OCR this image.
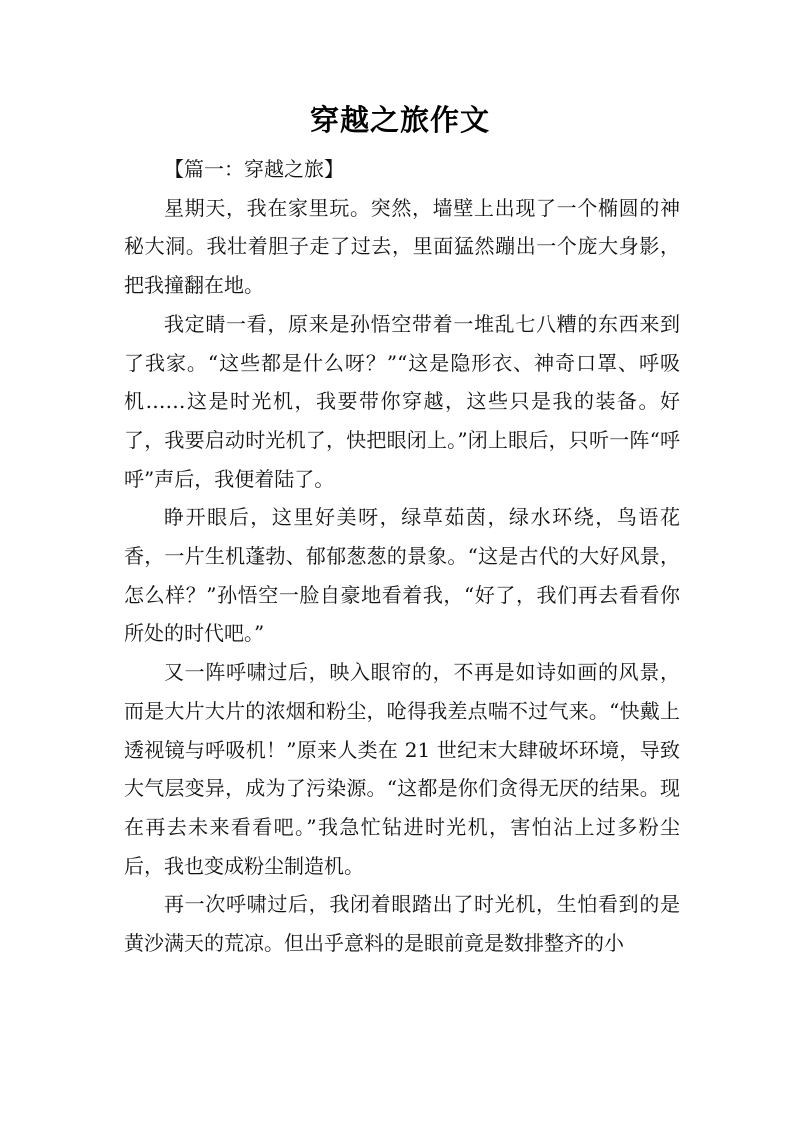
穿越之旅作文

【篇一：穿越之旅】

星期天，我在家里玩。突然，墙壁上出现了一个椭圆的神秘大洞。我壮着胆子走了过去，里面猛然蹦出一个庞大身影，把我撞翻在地。

我定睛一看，原来是孙悟空带着一堆乱七八糟的东西来到了我家。“这些都是什么呀？”“这是隐形衣、神奇口罩、呼吸机……这是时光机，我要带你穿越，这些只是我的装备。好了，我要启动时光机了，快把眼闭上。”闭上眼后，只听一阵“呼呼”声后，我便着陆了。

睁开眼后，这里好美呀，绿草茹茵，绿水环绕，鸟语花香，一片生机蓬勃、郁郁葱葱的景象。“这是古代的大好风景，怎么样？”孙悟空一脸自豪地看着我，“好了，我们再去看看你所处的时代吧。”

又一阵呼啸过后，映入眼帘的，不再是如诗如画的风景，而是大片大片的浓烟和粉尘，呛得我差点喘不过气来。“快戴上透视镜与呼吸机！”原来人类在 21 世纪末大肆破坏环境，导致大气层变异，成为了污染源。“这都是你们贪得无厌的结果。现在再去未来看看吧。”我急忙钻进时光机，害怕沾上过多粉尘后，我也变成粉尘制造机。

再一次呼啸过后，我闭着眼踏出了时光机，生怕看到的是黄沙满天的荒凉。但出乎意料的是眼前竟是数排整齐的小
